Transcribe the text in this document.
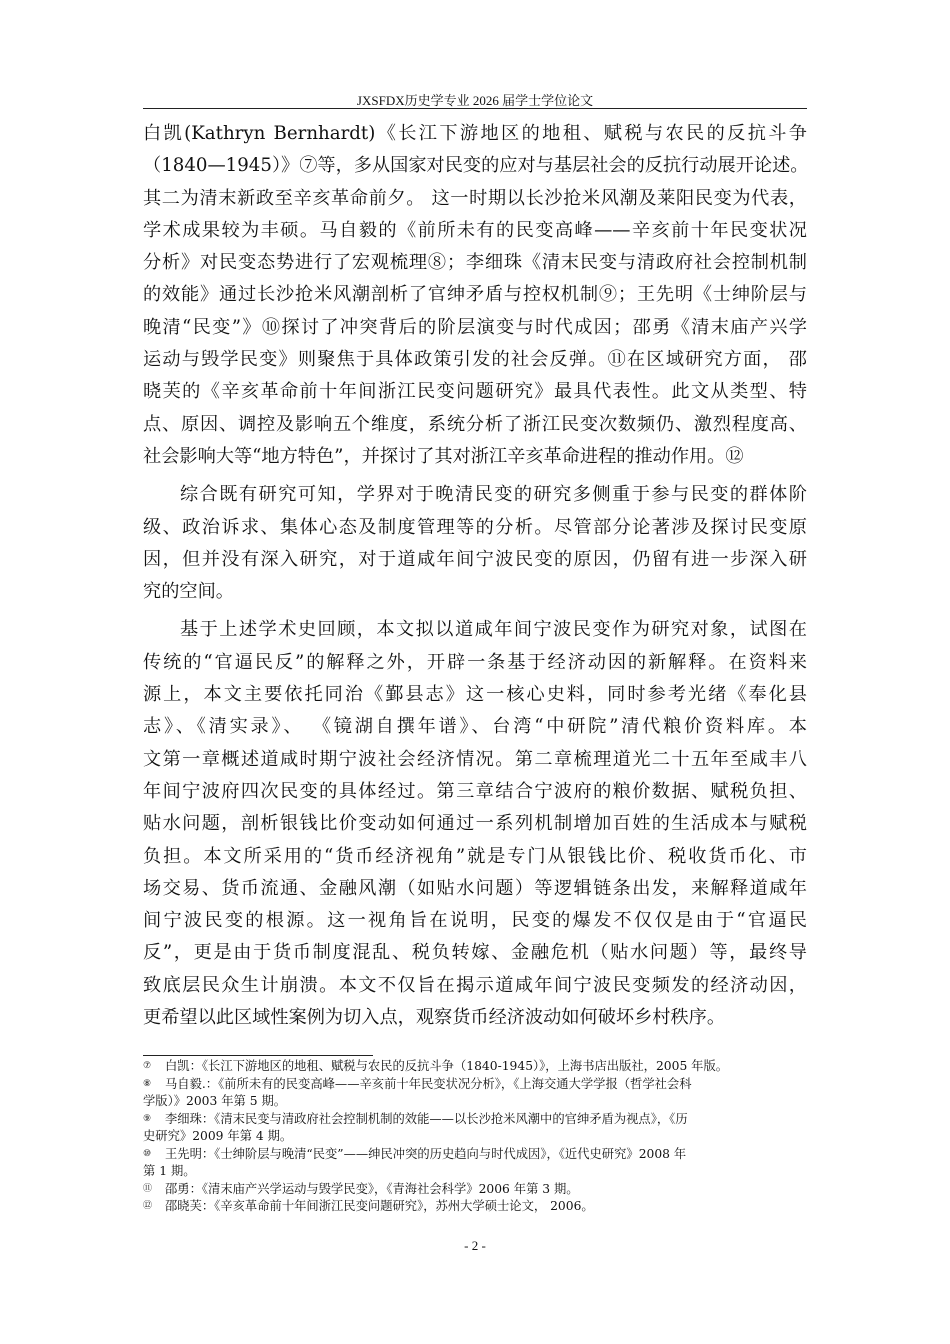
JXSFDX历史学专业 2026 届学士学位论文
白凯(Kathryn Bernhardt)《长江下游地区的地租、赋税与农民的反抗斗争
（1840—1945）》⑦等，多从国家对民变的应对与基层社会的反抗行动展开论述。
其二为清末新政至辛亥革命前夕。 这一时期以长沙抢米风潮及莱阳民变为代表，
学术成果较为丰硕。马自毅的《前所未有的民变高峰——辛亥前十年民变状况
分析》对民变态势进行了宏观梳理⑧；李细珠《清末民变与清政府社会控制机制
的效能》通过长沙抢米风潮剖析了官绅矛盾与控权机制⑨；王先明《士绅阶层与
晚清“民变”》⑩探讨了冲突背后的阶层演变与时代成因；邵勇《清末庙产兴学
运动与毁学民变》则聚焦于具体政策引发的社会反弹。⑪在区域研究方面， 邵
晓芙的《辛亥革命前十年间浙江民变问题研究》最具代表性。此文从类型、特
点、原因、调控及影响五个维度，系统分析了浙江民变次数频仍、激烈程度高、
社会影响大等“地方特色”，并探讨了其对浙江辛亥革命进程的推动作用。⑫
综合既有研究可知，学界对于晚清民变的研究多侧重于参与民变的群体阶
级、政治诉求、集体心态及制度管理等的分析。尽管部分论著涉及探讨民变原
因，但并没有深入研究，对于道咸年间宁波民变的原因，仍留有进一步深入研
究的空间。
基于上述学术史回顾，本文拟以道咸年间宁波民变作为研究对象，试图在
传统的“官逼民反”的解释之外，开辟一条基于经济动因的新解释。在资料来
源上，本文主要依托同治《鄞县志》这一核心史料，同时参考光绪《奉化县
志》、《清实录》、 《镜湖自撰年谱》、台湾“中研院”清代粮价资料库。本
文第一章概述道咸时期宁波社会经济情况。第二章梳理道光二十五年至咸丰八
年间宁波府四次民变的具体经过。第三章结合宁波府的粮价数据、赋税负担、
贴水问题，剖析银钱比价变动如何通过一系列机制增加百姓的生活成本与赋税
负担。本文所采用的“货币经济视角”就是专门从银钱比价、税收货币化、市
场交易、货币流通、金融风潮（如贴水问题）等逻辑链条出发，来解释道咸年
间宁波民变的根源。这一视角旨在说明，民变的爆发不仅仅是由于“官逼民
反”，更是由于货币制度混乱、税负转嫁、金融危机（贴水问题）等，最终导
致底层民众生计崩溃。本文不仅旨在揭示道咸年间宁波民变频发的经济动因，
更希望以此区域性案例为切入点，观察货币经济波动如何破坏乡村秩序。

⑦ 白凯：《长江下游地区的地租、赋税与农民的反抗斗争（1840-1945）》，上海书店出版社，2005 年版。

⑧ 马自毅.：《前所未有的民变高峰——辛亥前十年民变状况分析》，《上海交通大学学报（哲学社会科
学版）》2003 年第 5 期。

⑨ 李细珠：《清末民变与清政府社会控制机制的效能——以长沙抢米风潮中的官绅矛盾为视点》，《历
史研究》2009 年第 4 期。

⑩ 王先明：《士绅阶层与晚清“民变”——绅民冲突的历史趋向与时代成因》，《近代史研究》2008 年
第 1 期。

⑪ 邵勇：《清末庙产兴学运动与毁学民变》，《青海社会科学》2006 年第 3 期。

⑫ 邵晓芙：《辛亥革命前十年间浙江民变问题研究》，苏州大学硕士论文， 2006。

- 2 -
